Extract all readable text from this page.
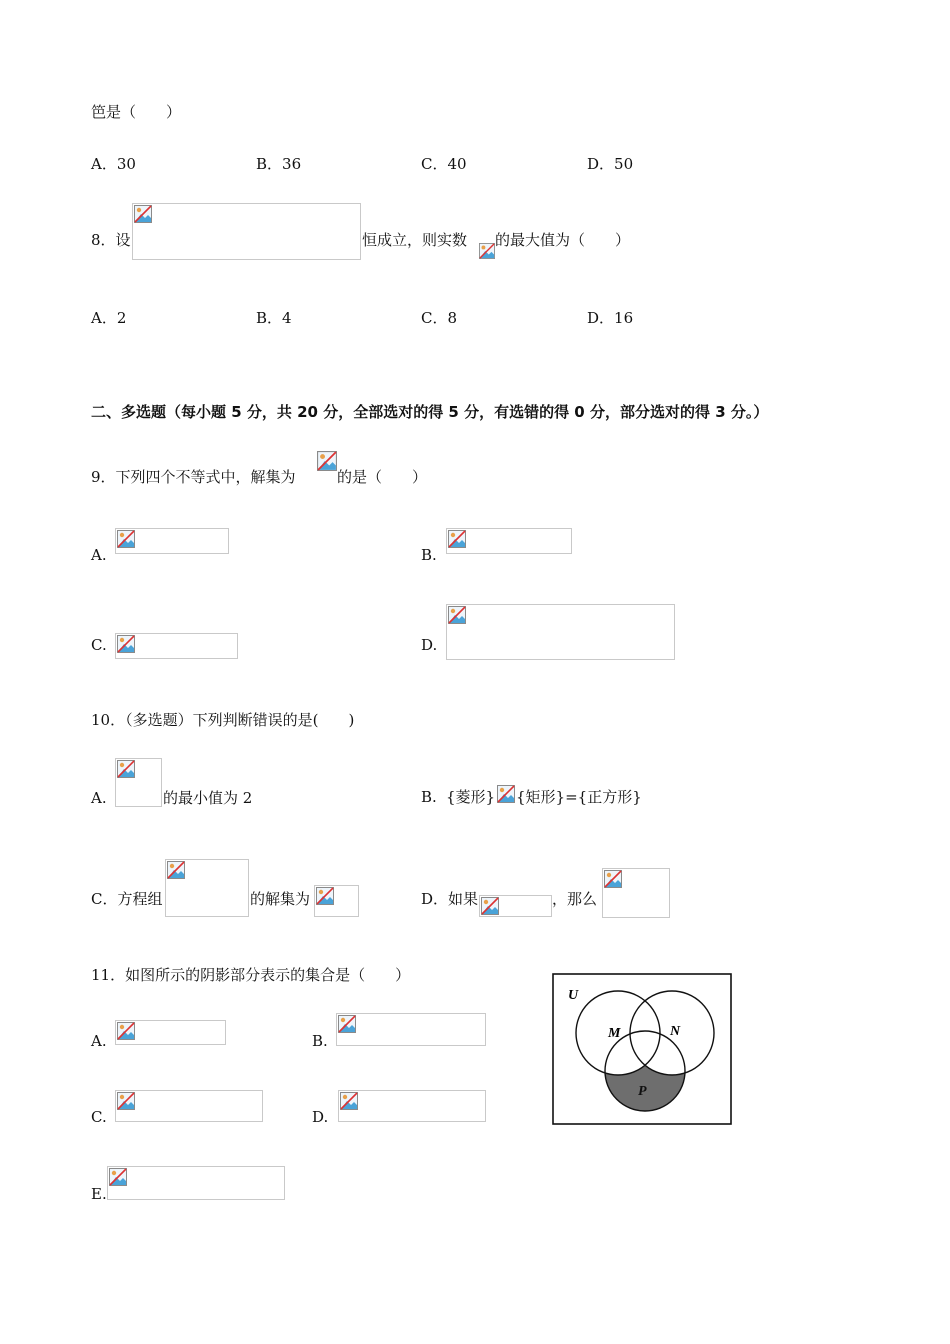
笆是（　　）
A．30	B．36	C．40	D．50
8．设	恒成立，则实数 的最大值为（　　）
A．2	B．4	C．8	D．16
二、多选题（每小题 5 分，共 20 分，全部选对的得 5 分，有选错的得 0 分，部分选对的得 3 分。）
9．下列四个不等式中，解集为	的是（　　）
A.	B.
C.	D.
10．（多选题）下列判断错误的是(　　)
A.	的最小值为 2	B. {菱形} {矩形}={正方形}
C．方程组	的解集为	D．如果	，那么
11．如图所示的阴影部分表示的集合是（　　）
A.	B.
C.	D.
E.
U
M	N
P
